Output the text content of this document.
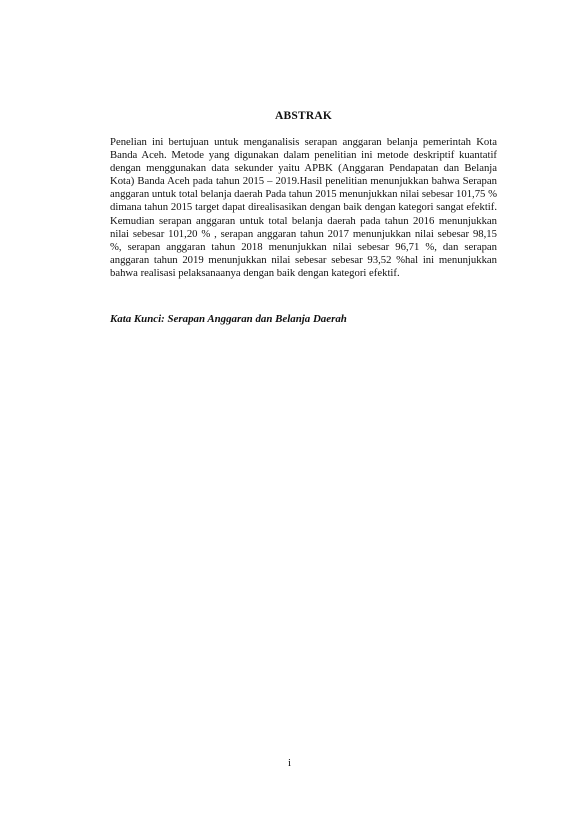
ABSTRAK

Penelian ini bertujuan untuk menganalisis serapan anggaran belanja pemerintah Kota Banda Aceh. Metode yang digunakan dalam penelitian ini metode deskriptif kuantatif dengan menggunakan data sekunder yaitu APBK (Anggaran Pendapatan dan Belanja Kota) Banda Aceh pada tahun 2015 – 2019.Hasil penelitian menunjukkan bahwa Serapan anggaran untuk total belanja daerah Pada tahun 2015 menunjukkan nilai sebesar 101,75 % dimana tahun 2015 target dapat direalisasikan dengan baik dengan kategori sangat efektif. Kemudian serapan anggaran untuk total belanja daerah pada tahun 2016 menunjukkan nilai sebesar 101,20 % , serapan anggaran tahun 2017 menunjukkan nilai sebesar 98,15 %, serapan anggaran tahun 2018 menunjukkan nilai sebesar 96,71 %, dan serapan anggaran tahun 2019 menunjukkan nilai sebesar sebesar 93,52 %hal ini menunjukkan bahwa realisasi pelaksanaanya dengan baik dengan kategori efektif.

Kata Kunci: Serapan Anggaran dan Belanja Daerah

i
